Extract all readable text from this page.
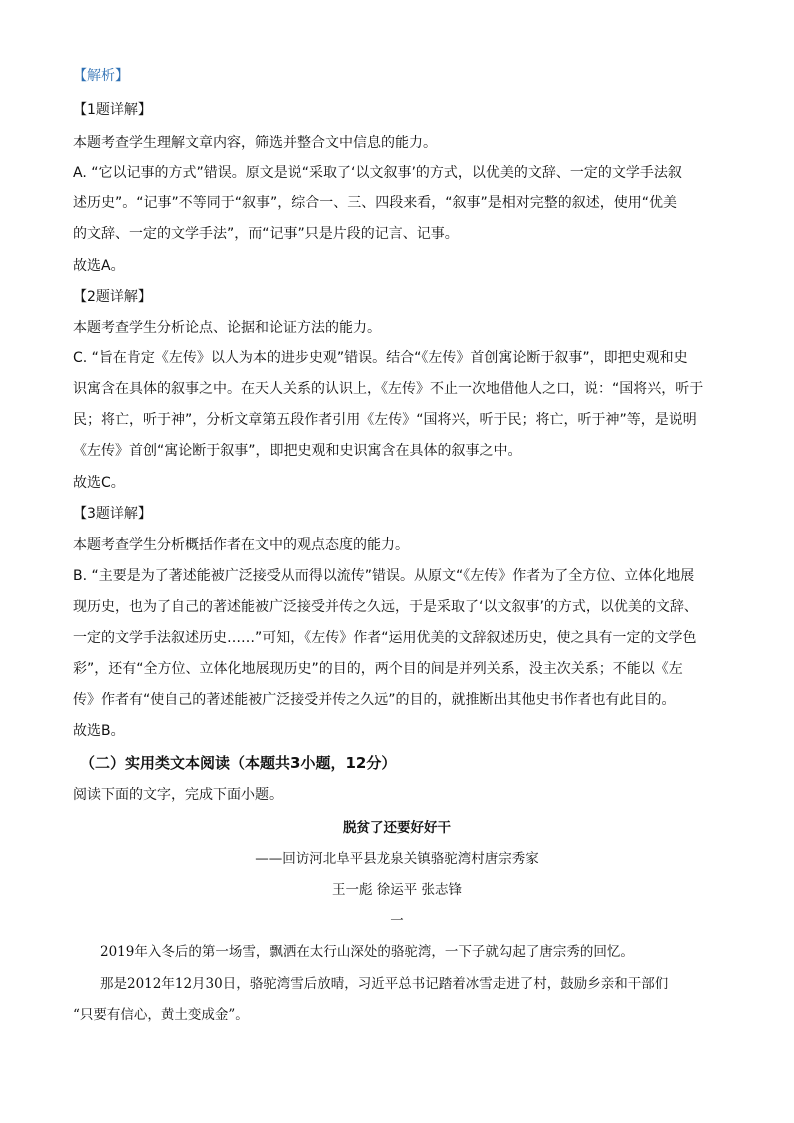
【解析】
【1题详解】
本题考查学生理解文章内容，筛选并整合文中信息的能力。
A. “它以记事的方式”错误。原文是说“采取了‘以文叙事’的方式，以优美的文辞、一定的文学手法叙
述历史”。“记事”不等同于“叙事”，综合一、三、四段来看，“叙事”是相对完整的叙述，使用“优美
的文辞、一定的文学手法”，而“记事”只是片段的记言、记事。
故选A。
【2题详解】
本题考查学生分析论点、论据和论证方法的能力。
C. “旨在肯定《左传》以人为本的进步史观”错误。结合“《左传》首创寓论断于叙事”，即把史观和史
识寓含在具体的叙事之中。在天人关系的认识上，《左传》不止一次地借他人之口，说：“国将兴，听于
民；将亡，听于神”，分析文章第五段作者引用《左传》“国将兴，听于民；将亡，听于神”等，是说明
《左传》首创“寓论断于叙事”，即把史观和史识寓含在具体的叙事之中。
故选C。
【3题详解】
本题考查学生分析概括作者在文中的观点态度的能力。
B. “主要是为了著述能被广泛接受从而得以流传”错误。从原文“《左传》作者为了全方位、立体化地展
现历史，也为了自己的著述能被广泛接受并传之久远，于是采取了‘以文叙事’的方式，以优美的文辞、
一定的文学手法叙述历史……”可知，《左传》作者“运用优美的文辞叙述历史，使之具有一定的文学色
彩”，还有“全方位、立体化地展现历史”的目的，两个目的间是并列关系，没主次关系；不能以《左
传》作者有“使自己的著述能被广泛接受并传之久远”的目的，就推断出其他史书作者也有此目的。
故选B。
（二）实用类文本阅读（本题共3小题，12分）
阅读下面的文字，完成下面小题。
脱贫了还要好好干
——回访河北阜平县龙泉关镇骆驼湾村唐宗秀家
王一彪 徐运平 张志锋
一
2019年入冬后的第一场雪，飘洒在太行山深处的骆驼湾，一下子就勾起了唐宗秀的回忆。
那是2012年12月30日，骆驼湾雪后放晴，习近平总书记踏着冰雪走进了村，鼓励乡亲和干部们
“只要有信心，黄土变成金”。
